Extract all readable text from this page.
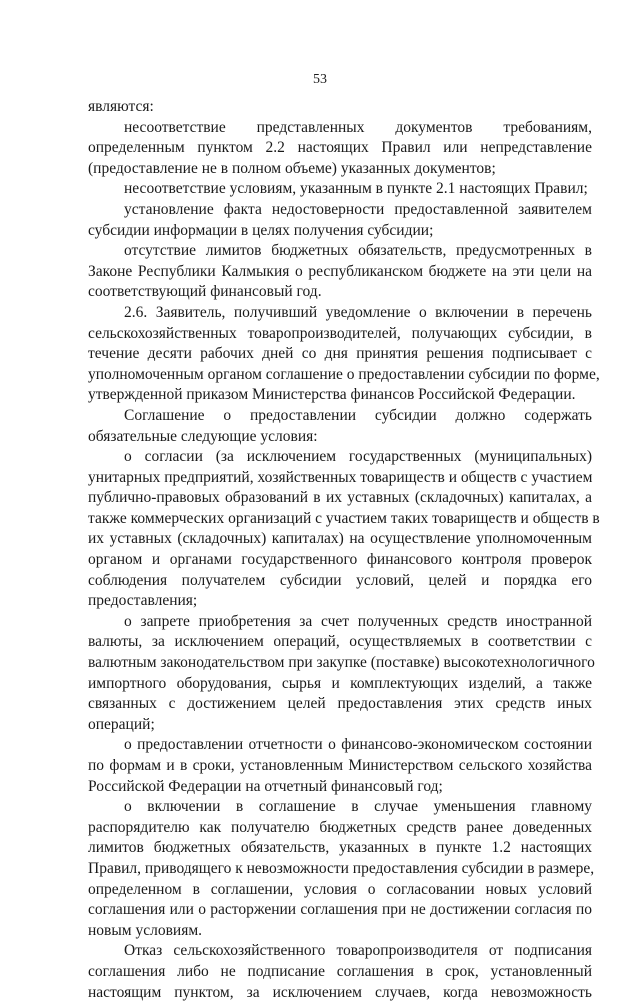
53
являются:
несоответствие представленных документов требованиям,
определенным пунктом 2.2 настоящих Правил или непредставление
(предоставление не в полном объеме) указанных документов;
несоответствие условиям, указанным в пункте 2.1 настоящих Правил;
установление факта недостоверности предоставленной заявителем
субсидии информации в целях получения субсидии;
отсутствие лимитов бюджетных обязательств, предусмотренных в
Законе Республики Калмыкия о республиканском бюджете на эти цели на
соответствующий финансовый год.
2.6. Заявитель, получивший уведомление о включении в перечень
сельскохозяйственных товаропроизводителей, получающих субсидии, в
течение десяти рабочих дней со дня принятия решения подписывает с
уполномоченным органом соглашение о предоставлении субсидии по форме,
утвержденной приказом Министерства финансов Российской Федерации.
Соглашение о предоставлении субсидии должно содержать
обязательные следующие условия:
о согласии (за исключением государственных (муниципальных)
унитарных предприятий, хозяйственных товариществ и обществ с участием
публично-правовых образований в их уставных (складочных) капиталах, а
также коммерческих организаций с участием таких товариществ и обществ в
их уставных (складочных) капиталах) на осуществление уполномоченным
органом и органами государственного финансового контроля проверок
соблюдения получателем субсидии условий, целей и порядка его
предоставления;
о запрете приобретения за счет полученных средств иностранной
валюты, за исключением операций, осуществляемых в соответствии с
валютным законодательством при закупке (поставке) высокотехнологичного
импортного оборудования, сырья и комплектующих изделий, а также
связанных с достижением целей предоставления этих средств иных
операций;
о предоставлении отчетности о финансово-экономическом состоянии
по формам и в сроки, установленным Министерством сельского хозяйства
Российской Федерации на отчетный финансовый год;
о включении в соглашение в случае уменьшения главному
распорядителю как получателю бюджетных средств ранее доведенных
лимитов бюджетных обязательств, указанных в пункте 1.2 настоящих
Правил, приводящего к невозможности предоставления субсидии в размере,
определенном в соглашении, условия о согласовании новых условий
соглашения или о расторжении соглашения при не достижении согласия по
новым условиям.
Отказ сельскохозяйственного товаропроизводителя от подписания
соглашения либо не подписание соглашения в срок, установленный
настоящим пунктом, за исключением случаев, когда невозможность
